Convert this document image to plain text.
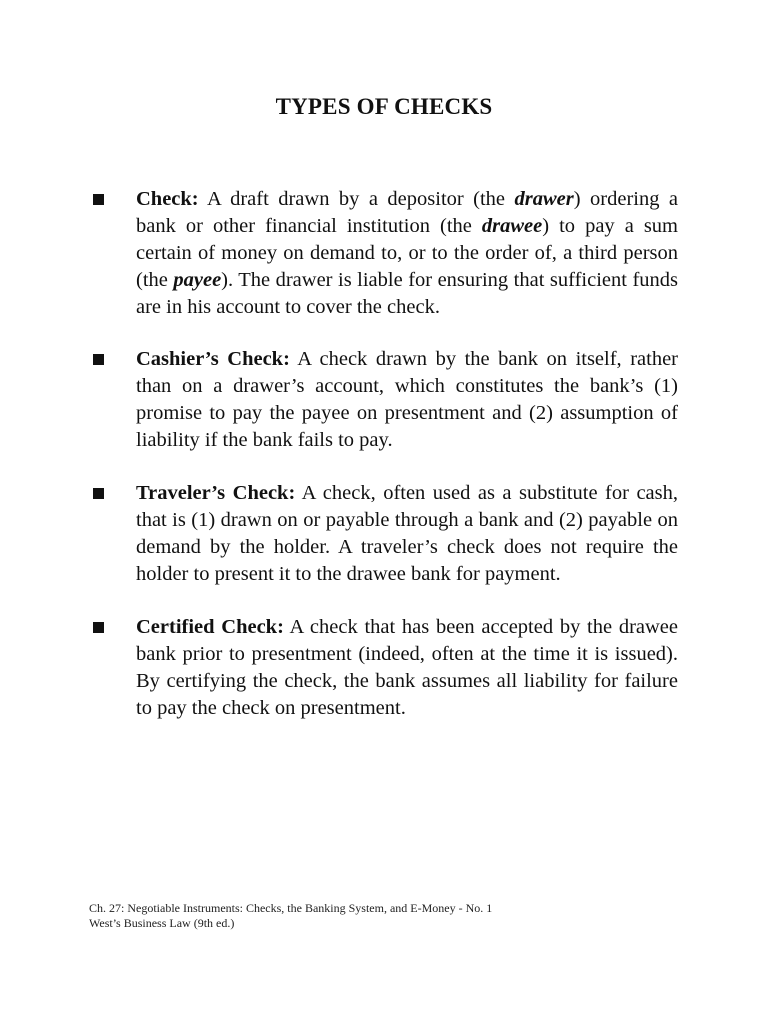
TYPES OF CHECKS
Check: A draft drawn by a depositor (the drawer) ordering a bank or other financial institution (the drawee) to pay a sum certain of money on demand to, or to the order of, a third person (the payee). The drawer is liable for ensuring that sufficient funds are in his account to cover the check.
Cashier’s Check: A check drawn by the bank on itself, rather than on a drawer’s account, which constitutes the bank’s (1) promise to pay the payee on presentment and (2) assumption of liability if the bank fails to pay.
Traveler’s Check: A check, often used as a substitute for cash, that is (1) drawn on or payable through a bank and (2) payable on demand by the holder. A traveler’s check does not require the holder to present it to the drawee bank for payment.
Certified Check: A check that has been accepted by the drawee bank prior to presentment (indeed, often at the time it is issued). By certifying the check, the bank assumes all liability for failure to pay the check on presentment.
Ch. 27: Negotiable Instruments: Checks, the Banking System, and E-Money - No. 1
West’s Business Law (9th ed.)
